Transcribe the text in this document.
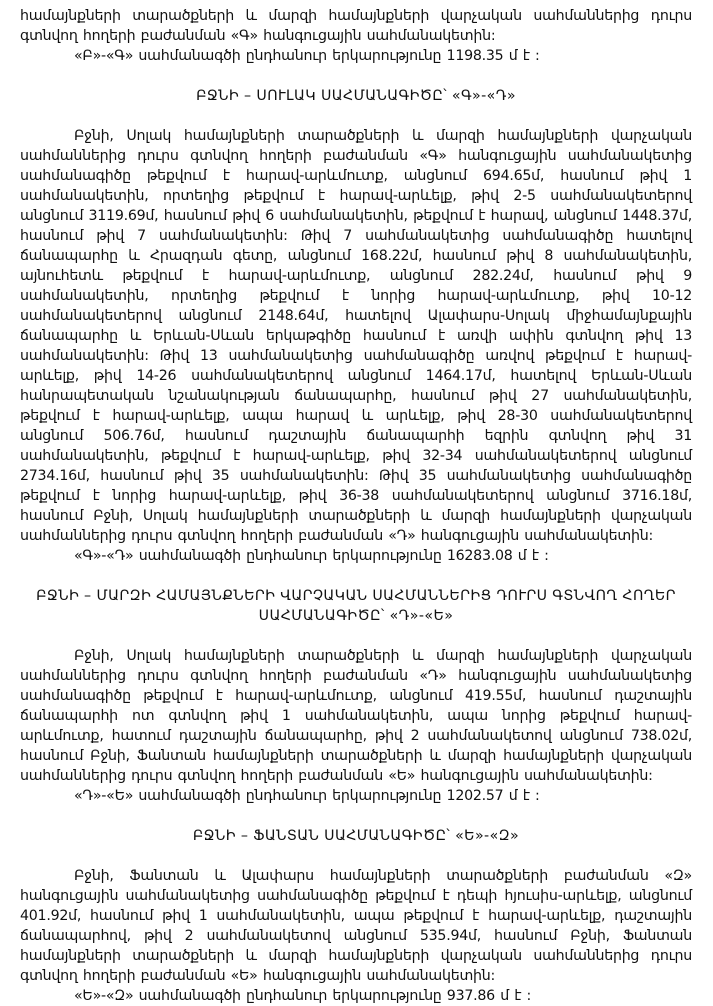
համայնքների տարածքների և մարզի համայնքների վարչական սահմաններից դուրս գտնվող հողերի բաժանման «Գ» հանգուցային սահմանակետին:

«Բ»-«Գ» սահմանագծի ընդհանուր երկարությունը 1198.35 մ է :

ԲՋՆԻ – ՍՈՒԼԱԿ ՍԱՀՄԱՆԱԳԻԾԸ՝ «Գ»-«Դ»

Բջնի, Սոլակ համայնքների տարածքների և մարզի համայնքների վարչական սահմաններից դուրս գտնվող հողերի բաժանման «Գ» հանգուցային սահմանակետից սահմանագիծը թեքվում է հարավ-արևմուտք, անցնում 694.65մ, հասնում թիվ 1 սահմանակետին, որտեղից թեքվում է հարավ-արևելք, թիվ 2-5 սահմանակետերով անցնում 3119.69մ, հասնում թիվ 6 սահմանակետին, թեքվում է հարավ, անցնում 1448.37մ, հասնում թիվ 7 սահմանակետին: Թիվ 7 սահմանակետից սահմանագիծը հատելով ճանապարհը և Հրազդան գետը, անցնում 168.22մ, հասնում թիվ 8 սահմանակետին, այնուհետև թեքվում է հարավ-արևմուտք, անցնում 282.24մ, հասնում թիվ 9 սահմանակետին, որտեղից թեքվում է նորից հարավ-արևմուտք, թիվ 10-12 սահմանակետերով անցնում 2148.64մ, հատելով Ալափարս-Սոլակ միջհամայնքային ճանապարհը և Երևան-Սևան երկաթգիծը հասնում է առվի ափին գտնվող թիվ 13 սահմանակետին: Թիվ 13 սահմանակետից սահմանագիծը առվով թեքվում է հարավ-արևելք, թիվ 14-26 սահմանակետերով անցնում 1464.17մ, հատելով Երևան-Սևան հանրապետական նշանակության ճանապարհը, հասնում թիվ 27 սահմանակետին, թեքվում է հարավ-արևելք, ապա հարավ և արևելք, թիվ 28-30 սահմանակետերով անցնում 506.76մ, հասնում դաշտային ճանապարհի եզրին գտնվող թիվ 31 սահմանակետին, թեքվում է հարավ-արևելք, թիվ 32-34 սահմանակետերով անցնում 2734.16մ, հասնում թիվ 35 սահմանակետին: Թիվ 35 սահմանակետից սահմանագիծը թեքվում է նորից հարավ-արևելք, թիվ 36-38 սահմանակետերով անցնում 3716.18մ, հասնում Բջնի, Սոլակ համայնքների տարածքների և մարզի համայնքների վարչական սահմաններից դուրս գտնվող հողերի բաժանման «Դ» հանգուցային սահմանակետին:

«Գ»-«Դ» սահմանագծի ընդհանուր երկարությունը 16283.08 մ է :

ԲՋՆԻ – ՄԱՐԶԻ ՀԱՄԱՅՆՔՆԵՐԻ ՎԱՐՉԱԿԱՆ ՍԱՀՄԱՆՆԵՐԻՑ ԴՈՒՐՍ ԳՏՆՎՈՂ ՀՈՂԵՐ ՍԱՀՄԱՆԱԳԻԾԸ՝ «Դ»-«Ե»

Բջնի, Սոլակ համայնքների տարածքների և մարզի համայնքների վարչական սահմաններից դուրս գտնվող հողերի բաժանման «Դ» հանգուցային սահմանակետից սահմանագիծը թեքվում է հարավ-արևմուտք, անցնում 419.55մ, հասնում դաշտային ճանապարհի ոտ գտնվող թիվ 1 սահմանակետին, ապա նորից թեքվում հարավ-արևմուտք, հատում դաշտային ճանապարհը, թիվ 2 սահմանակետով անցնում 738.02մ, հասնում Բջնի, Ֆանտան համայնքների տարածքների և մարզի համայնքների վարչական սահմաններից դուրս գտնվող հողերի բաժանման «Ե» հանգուցային սահմանակետին:

«Դ»-«Ե» սահմանագծի ընդհանուր երկարությունը 1202.57 մ է :

ԲՋՆԻ – ՖԱՆՏԱՆ ՍԱՀՄԱՆԱԳԻԾԸ՝ «Ե»-«Զ»

Բջնի, Ֆանտան և Ալափարս համայնքների տարածքների բաժանման «Զ» հանգուցային սահմանակետից սահմանագիծը թեքվում է դեպի հյուսիս-արևելք, անցնում 401.92մ, հասնում թիվ 1 սահմանակետին, ապա թեքվում է հարավ-արևելք, դաշտային ճանապարհով, թիվ 2 սահմանակետով անցնում 535.94մ, հասնում Բջնի, Ֆանտան համայնքների տարածքների և մարզի համայնքների վարչական սահմաններից դուրս գտնվող հողերի բաժանման «Ե» հանգուցային սահմանակետին:

«Ե»-«Զ» սահմանագծի ընդհանուր երկարությունը 937.86 մ է :
